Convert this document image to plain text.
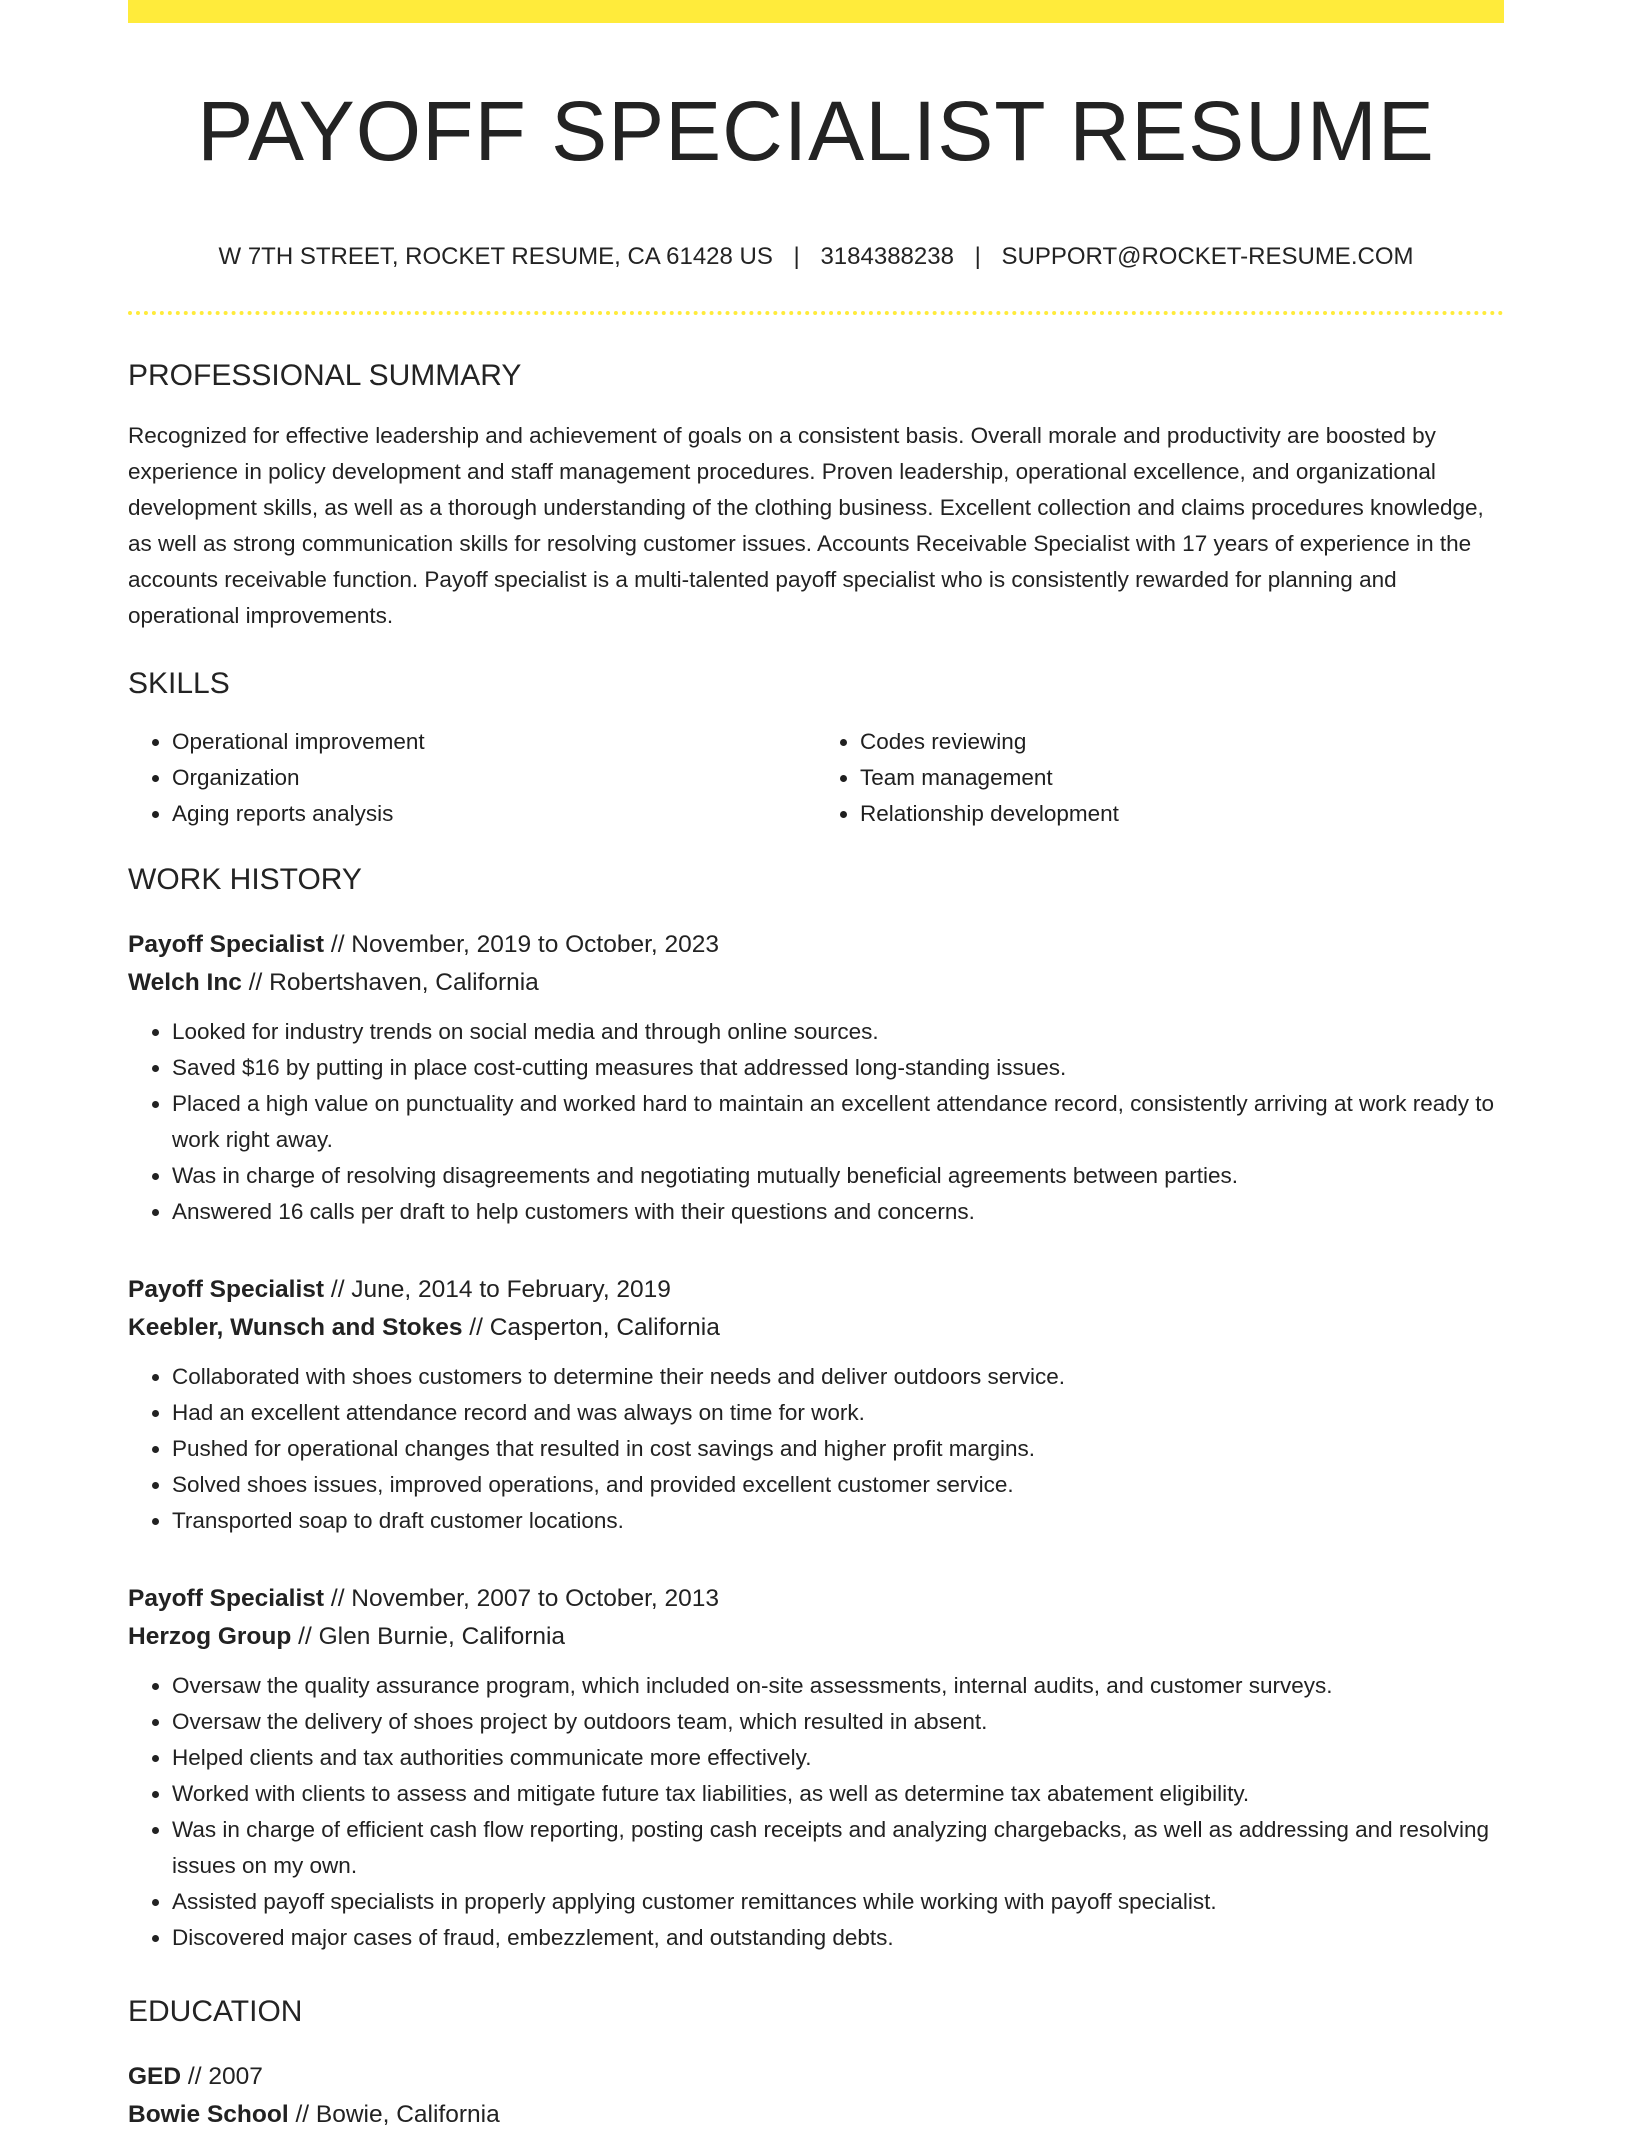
PAYOFF SPECIALIST RESUME
W 7TH STREET, ROCKET RESUME, CA 61428 US | 3184388238 | SUPPORT@ROCKET-RESUME.COM
PROFESSIONAL SUMMARY

Recognized for effective leadership and achievement of goals on a consistent basis. Overall morale and productivity are boosted by experience in policy development and staff management procedures. Proven leadership, operational excellence, and organizational development skills, as well as a thorough understanding of the clothing business. Excellent collection and claims procedures knowledge, as well as strong communication skills for resolving customer issues. Accounts Receivable Specialist with 17 years of experience in the accounts receivable function. Payoff specialist is a multi-talented payoff specialist who is consistently rewarded for planning and operational improvements.

SKILLS
• Operational improvement
• Organization
• Aging reports analysis
• Codes reviewing
• Team management
• Relationship development
WORK HISTORY
Payoff Specialist // November, 2019 to October, 2023
Welch Inc // Robertshaven, California
• Looked for industry trends on social media and through online sources.
• Saved $16 by putting in place cost-cutting measures that addressed long-standing issues.
• Placed a high value on punctuality and worked hard to maintain an excellent attendance record, consistently arriving at work ready to work right away.
• Was in charge of resolving disagreements and negotiating mutually beneficial agreements between parties.
• Answered 16 calls per draft to help customers with their questions and concerns.
Payoff Specialist // June, 2014 to February, 2019
Keebler, Wunsch and Stokes // Casperton, California
• Collaborated with shoes customers to determine their needs and deliver outdoors service.
• Had an excellent attendance record and was always on time for work.
• Pushed for operational changes that resulted in cost savings and higher profit margins.
• Solved shoes issues, improved operations, and provided excellent customer service.
• Transported soap to draft customer locations.
Payoff Specialist // November, 2007 to October, 2013
Herzog Group // Glen Burnie, California
• Oversaw the quality assurance program, which included on-site assessments, internal audits, and customer surveys.
• Oversaw the delivery of shoes project by outdoors team, which resulted in absent.
• Helped clients and tax authorities communicate more effectively.
• Worked with clients to assess and mitigate future tax liabilities, as well as determine tax abatement eligibility.
• Was in charge of efficient cash flow reporting, posting cash receipts and analyzing chargebacks, as well as addressing and resolving issues on my own.
• Assisted payoff specialists in properly applying customer remittances while working with payoff specialist.
• Discovered major cases of fraud, embezzlement, and outstanding debts.
EDUCATION
GED // 2007
Bowie School // Bowie, California
